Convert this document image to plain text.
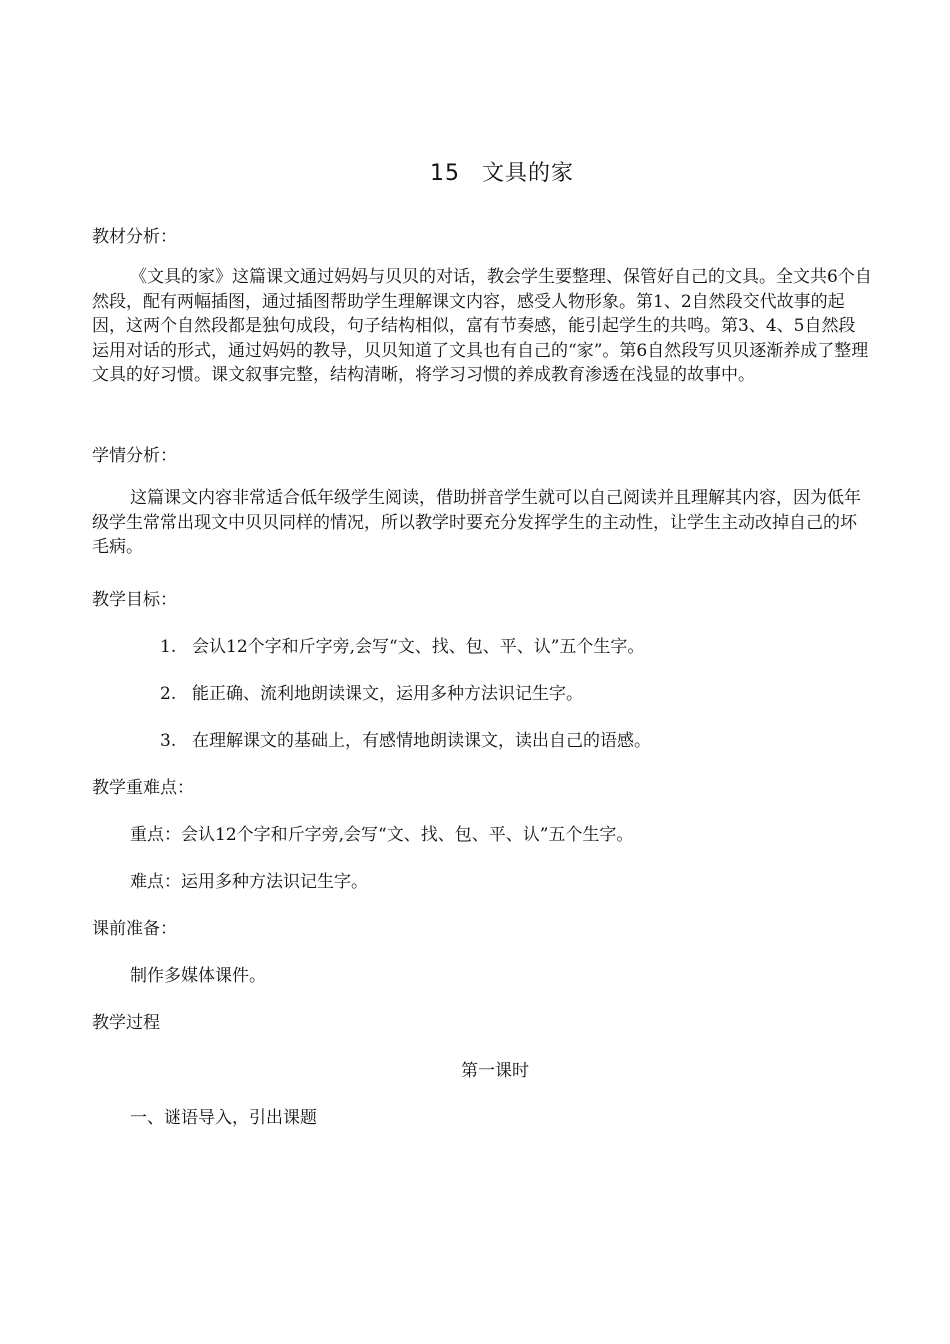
15 文具的家
教材分析：
《文具的家》这篇课文通过妈妈与贝贝的对话，教会学生要整理、保管好自己的文具。全文共6个自然段，配有两幅插图，通过插图帮助学生理解课文内容，感受人物形象。第1、2自然段交代故事的起因，这两个自然段都是独句成段，句子结构相似，富有节奏感，能引起学生的共鸣。第3、4、5自然段运用对话的形式，通过妈妈的教导，贝贝知道了文具也有自己的“家”。第6自然段写贝贝逐渐养成了整理文具的好习惯。课文叙事完整，结构清晰，将学习习惯的养成教育渗透在浅显的故事中。
学情分析：
这篇课文内容非常适合低年级学生阅读，借助拼音学生就可以自己阅读并且理解其内容，因为低年级学生常常出现文中贝贝同样的情况，所以教学时要充分发挥学生的主动性，让学生主动改掉自己的坏毛病。
教学目标：
1. 会认12个字和斤字旁,会写“文、找、包、平、认”五个生字。
2. 能正确、流利地朗读课文，运用多种方法识记生字。
3. 在理解课文的基础上，有感情地朗读课文，读出自己的语感。
教学重难点：
重点：会认12个字和斤字旁,会写“文、找、包、平、认”五个生字。
难点：运用多种方法识记生字。
课前准备：
制作多媒体课件。
教学过程
第一课时
一、谜语导入，引出课题
